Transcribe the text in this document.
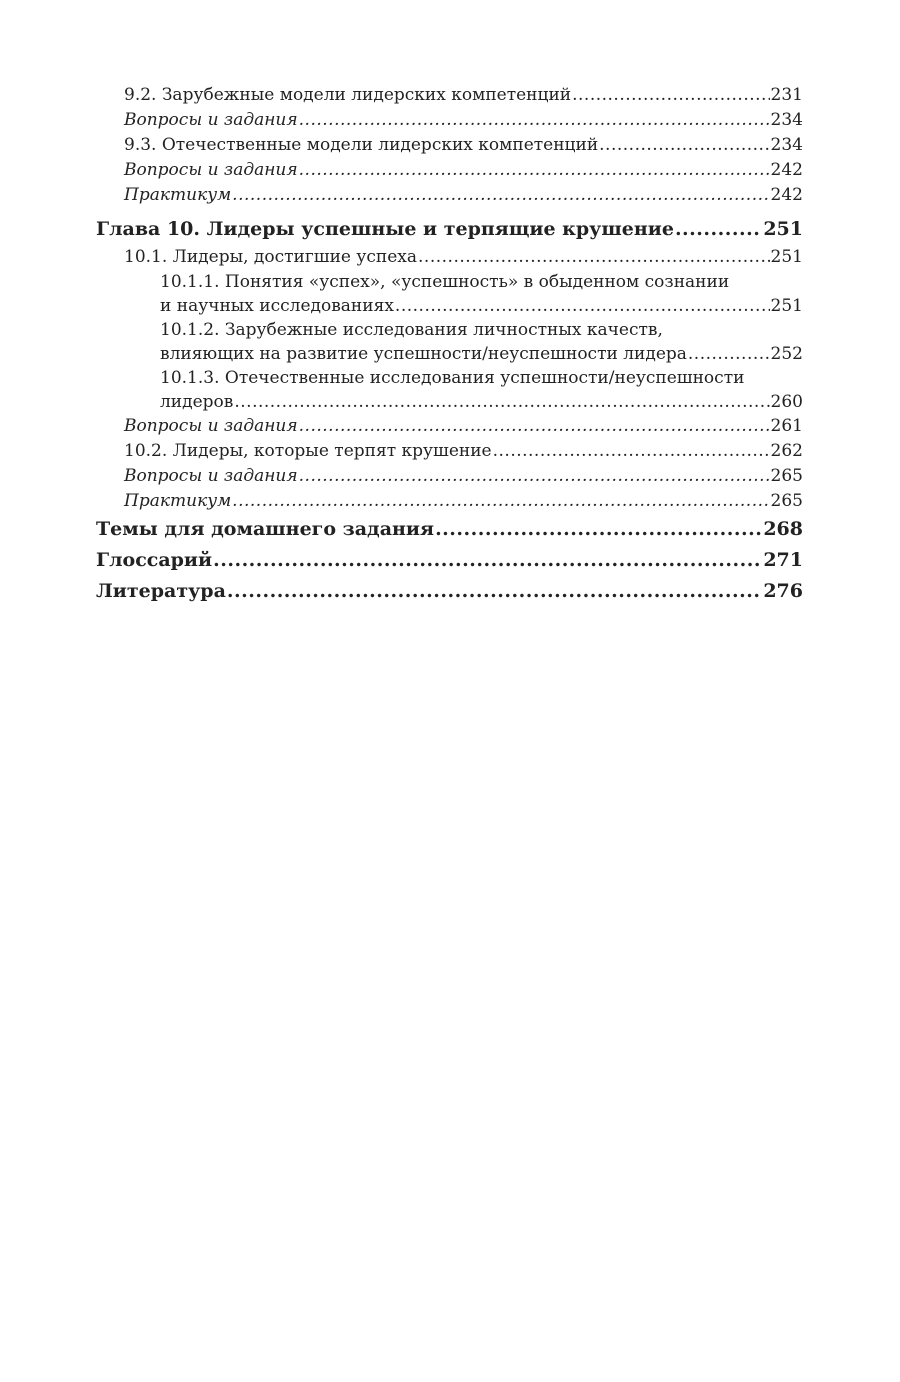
9.2. Зарубежные модели лидерских компетенций .....	231
Вопросы и задания .....	234
9.3. Отечественные модели лидерских компетенций .....	234
Вопросы и задания .....	242
Практикум .....	242
Глава 10. Лидеры успешные и терпящие крушение .....	251
10.1. Лидеры, достигшие успеха .....	251
10.1.1. Понятия «успех», «успешность» в обыденном сознании
и научных исследованиях .....	251
10.1.2. Зарубежные исследования личностных качеств,
влияющих на развитие успешности/неуспешности лидера .....	252
10.1.3. Отечественные исследования успешности/неуспешности
лидеров .....	260
Вопросы и задания .....	261
10.2. Лидеры, которые терпят крушение .....	262
Вопросы и задания .....	265
Практикум .....	265
Темы для домашнего задания .....	268
Глоссарий .....	271
Литература .....	276
